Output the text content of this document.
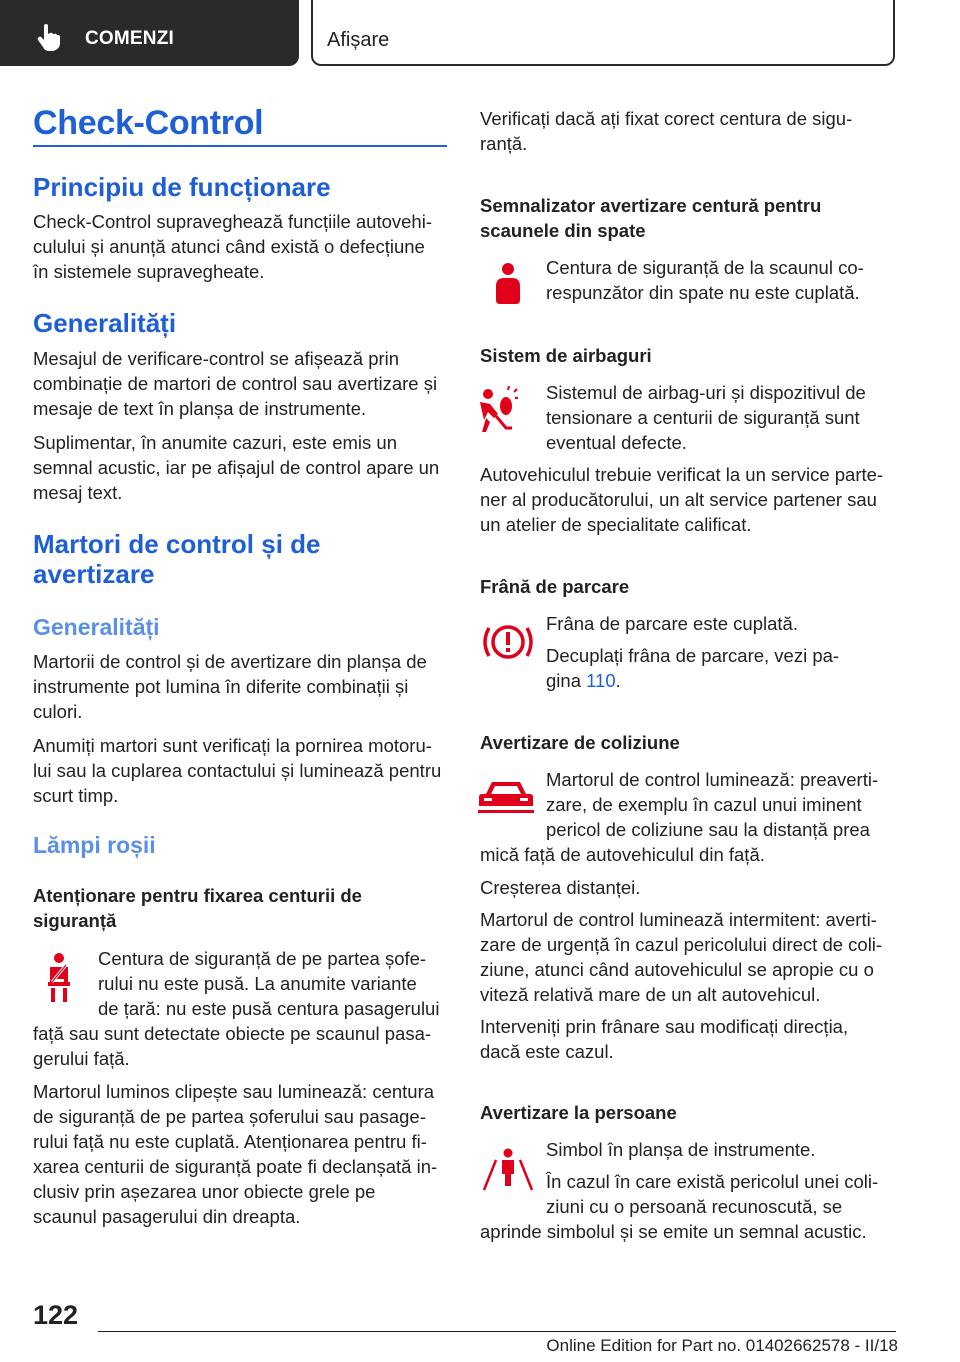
COMENZI	Afișare
Check-Control
Principiu de funcționare
Check-Control supraveghează funcțiile autovehi-
culului și anunță atunci când există o defecțiune
în sistemele supravegheate.
Generalități
Mesajul de verificare-control se afișează prin
combinație de martori de control sau avertizare și
mesaje de text în planșa de instrumente.
Suplimentar, în anumite cazuri, este emis un
semnal acustic, iar pe afișajul de control apare un
mesaj text.
Martori de control și de
avertizare
Generalități
Martorii de control și de avertizare din planșa de
instrumente pot lumina în diferite combinații și
culori.
Anumiți martori sunt verificați la pornirea motoru-
lui sau la cuplarea contactului și luminează pentru
scurt timp.
Lămpi roșii
Atenționare pentru fixarea centurii de
siguranță
Centura de siguranță de pe partea șofe-
rului nu este pusă. La anumite variante
de țară: nu este pusă centura pasagerului
față sau sunt detectate obiecte pe scaunul pasa-
gerului față.
Martorul luminos clipește sau luminează: centura
de siguranță de pe partea șoferului sau pasage-
rului față nu este cuplată. Atenționarea pentru fi-
xarea centurii de siguranță poate fi declanșată in-
clusiv prin așezarea unor obiecte grele pe
scaunul pasagerului din dreapta.
Verificați dacă ați fixat corect centura de sigu-
ranță.
Semnalizator avertizare centură pentru
scaunele din spate
Centura de siguranță de la scaunul co-
respunzător din spate nu este cuplată.
Sistem de airbaguri
Sistemul de airbag-uri și dispozitivul de
tensionare a centurii de siguranță sunt
eventual defecte.
Autovehiculul trebuie verificat la un service parte-
ner al producătorului, un alt service partener sau
un atelier de specialitate calificat.
Frână de parcare
Frâna de parcare este cuplată.
Decuplați frâna de parcare, vezi pa-
gina 110.
Avertizare de coliziune
Martorul de control luminează: preaverti-
zare, de exemplu în cazul unui iminent
pericol de coliziune sau la distanță prea
mică față de autovehiculul din față.
Creșterea distanței.
Martorul de control luminează intermitent: averti-
zare de urgență în cazul pericolului direct de coli-
ziune, atunci când autovehiculul se apropie cu o
viteză relativă mare de un alt autovehicul.
Interveniți prin frânare sau modificați direcția,
dacă este cazul.
Avertizare la persoane
Simbol în planșa de instrumente.
În cazul în care există pericolul unei coli-
ziuni cu o persoană recunoscută, se
aprinde simbolul și se emite un semnal acustic.
122
Online Edition for Part no. 01402662578 - II/18
